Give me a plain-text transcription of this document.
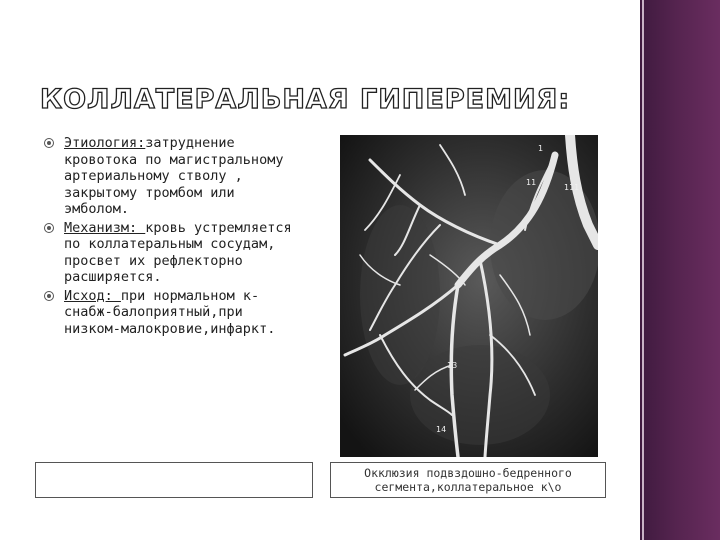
КОЛЛАТЕРАЛЬНАЯ ГИПЕРЕМИЯ:
Этиология:затруднение кровотока по магистральному артериальному стволу , закрытому тромбом или эмболом.
Механизм: кровь устремляется по коллатеральным сосудам, просвет их рефлекторно расширяется.
Исход: при нормальном к-снабж-балоприятный,при низком-малокровие,инфаркт.
1
11
111
13
14
Окклюзия подвздошно-бедренного
сегмента,коллатеральное к\о
